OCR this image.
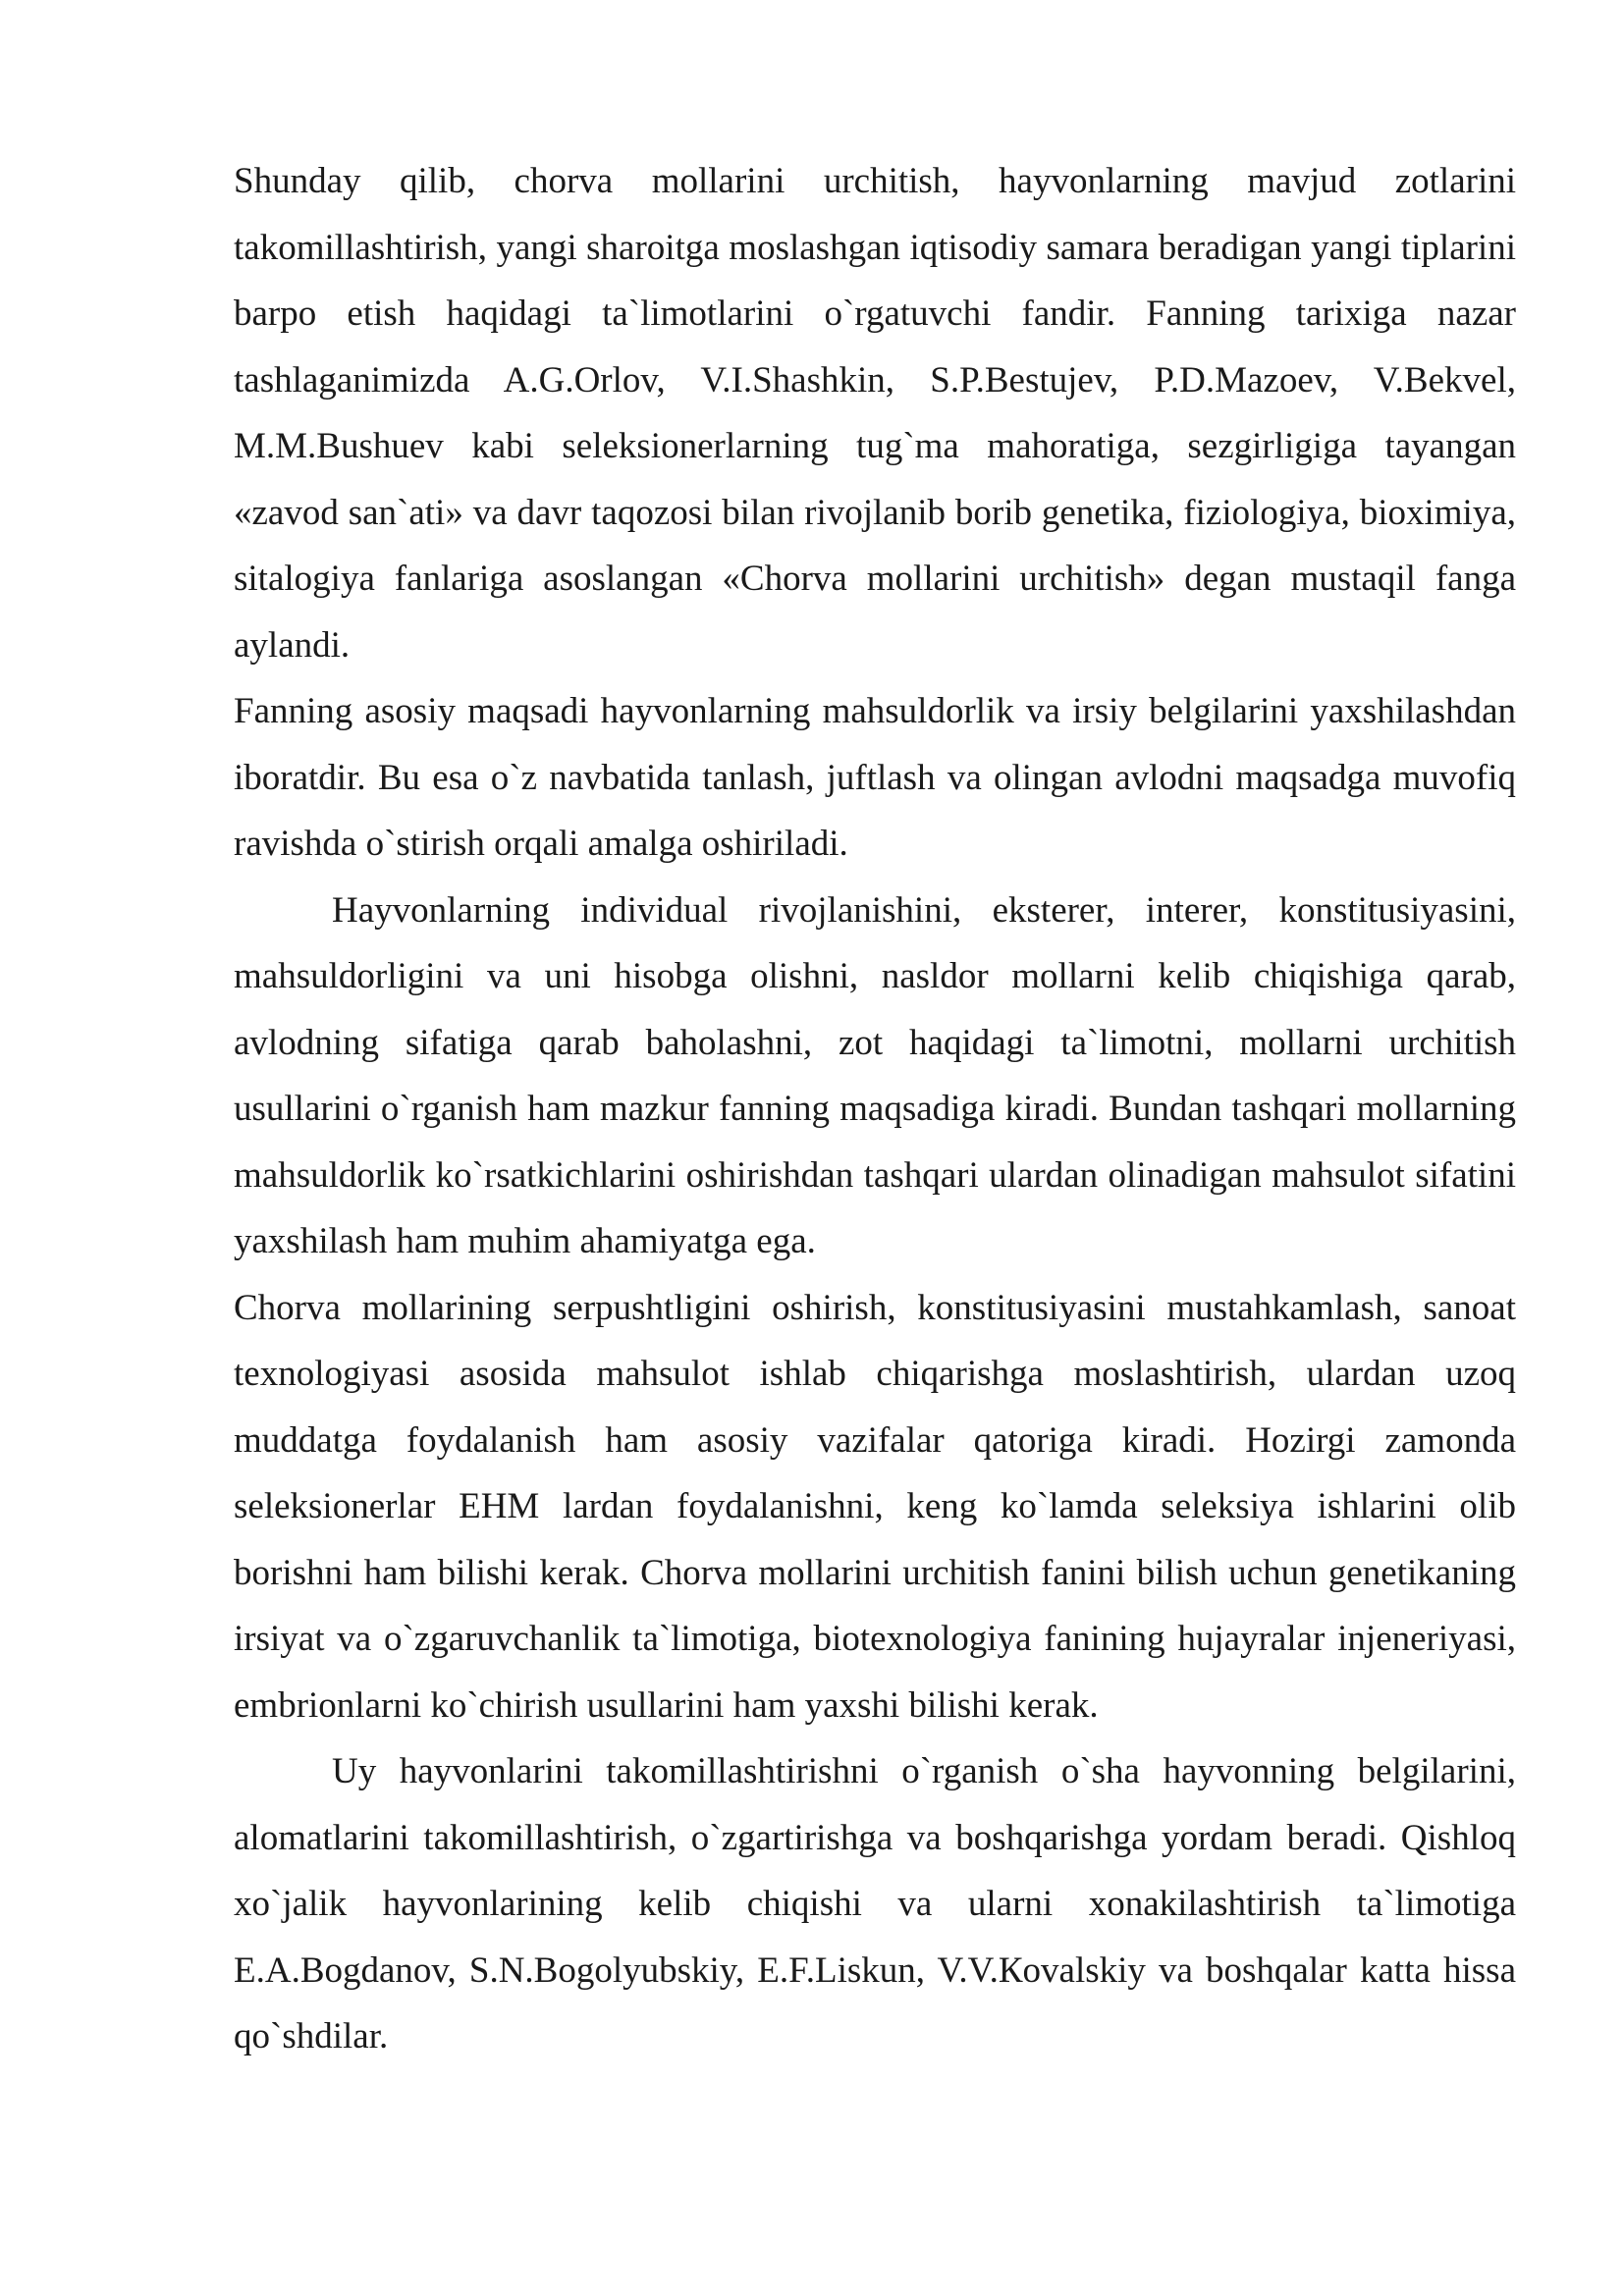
Shunday qilib, chorva mollarini urchitish, hayvonlarning mavjud zotlarini takomillashtirish, yangi sharoitga moslashgan iqtisodiy samara beradigan yangi tiplarini barpo etish haqidagi ta`limotlarini o`rgatuvchi fandir. Fanning tarixiga nazar tashlaganimizda A.G.Orlov, V.I.Shashkin, S.P.Bestujev, P.D.Mazoev, V.Bekvel, M.M.Bushuev kabi seleksionerlarning tug`ma mahoratiga, sezgirligiga tayangan «zavod san`ati» va davr taqozosi bilan rivojlanib borib genetika, fiziologiya, bioximiya, sitalogiya fanlariga asoslangan «Chorva mollarini urchitish» degan mustaqil fanga aylandi.

Fanning asosiy maqsadi hayvonlarning mahsuldorlik va irsiy belgilarini yaxshilashdan iboratdir. Bu esa o`z navbatida tanlash, juftlash va olingan avlodni maqsadga muvofiq ravishda o`stirish orqali amalga oshiriladi.

Hayvonlarning individual rivojlanishini, eksterer, interer, konstitusiyasini, mahsuldorligini va uni hisobga olishni, nasldor mollarni kelib chiqishiga qarab, avlodning sifatiga qarab baholashni, zot haqidagi ta`limotni, mollarni urchitish usullarini o`rganish ham mazkur fanning maqsadiga kiradi. Bundan tashqari mollarning mahsuldorlik ko`rsatkichlarini oshirishdan tashqari ulardan olinadigan mahsulot sifatini yaxshilash ham muhim ahamiyatga ega.

Chorva mollarining serpushtligini oshirish, konstitusiyasini mustahkamlash, sanoat texnologiyasi asosida mahsulot ishlab chiqarishga moslashtirish, ulardan uzoq muddatga foydalanish ham asosiy vazifalar qatoriga kiradi. Hozirgi zamonda seleksionerlar EHM lardan foydalanishni, keng ko`lamda seleksiya ishlarini olib borishni ham bilishi kerak. Chorva mollarini urchitish fanini bilish uchun genetikaning irsiyat va o`zgaruvchanlik ta`limotiga, biotexnologiya fanining hujayralar injeneriyasi, embrionlarni ko`chirish usullarini ham yaxshi bilishi kerak.

Uy hayvonlarini takomillashtirishni o`rganish o`sha hayvonning belgilarini, alomatlarini takomillashtirish, o`zgartirishga va boshqarishga yordam beradi. Qishloq xo`jalik hayvonlarining kelib chiqishi va ularni xonakilashtirish ta`limotiga E.A.Bogdanov, S.N.Bogolyubskiy, E.F.Liskun, V.V.Кovalskiy va boshqalar katta hissa qo`shdilar.
